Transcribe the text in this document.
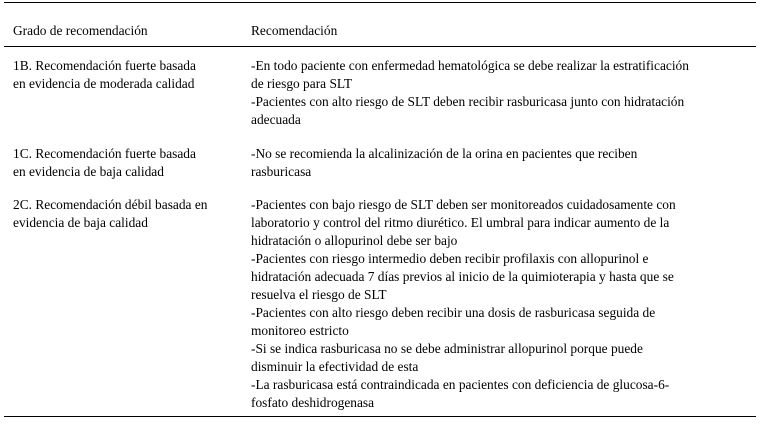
Grado de recomendación	Recomendación
1B. Recomendación fuerte basada
en evidencia de moderada calidad
-En todo paciente con enfermedad hematológica se debe realizar la estratificación
de riesgo para SLT
-Pacientes con alto riesgo de SLT deben recibir rasburicasa junto con hidratación
adecuada
1C. Recomendación fuerte basada
en evidencia de baja calidad
-No se recomienda la alcalinización de la orina en pacientes que reciben
rasburicasa
2C. Recomendación débil basada en
evidencia de baja calidad
-Pacientes con bajo riesgo de SLT deben ser monitoreados cuidadosamente con
laboratorio y control del ritmo diurético. El umbral para indicar aumento de la
hidratación o allopurinol debe ser bajo
-Pacientes con riesgo intermedio deben recibir profilaxis con allopurinol e
hidratación adecuada 7 días previos al inicio de la quimioterapia y hasta que se
resuelva el riesgo de SLT
-Pacientes con alto riesgo deben recibir una dosis de rasburicasa seguida de
monitoreo estricto
-Si se indica rasburicasa no se debe administrar allopurinol porque puede
disminuir la efectividad de esta
-La rasburicasa está contraindicada en pacientes con deficiencia de glucosa-6-
fosfato deshidrogenasa
